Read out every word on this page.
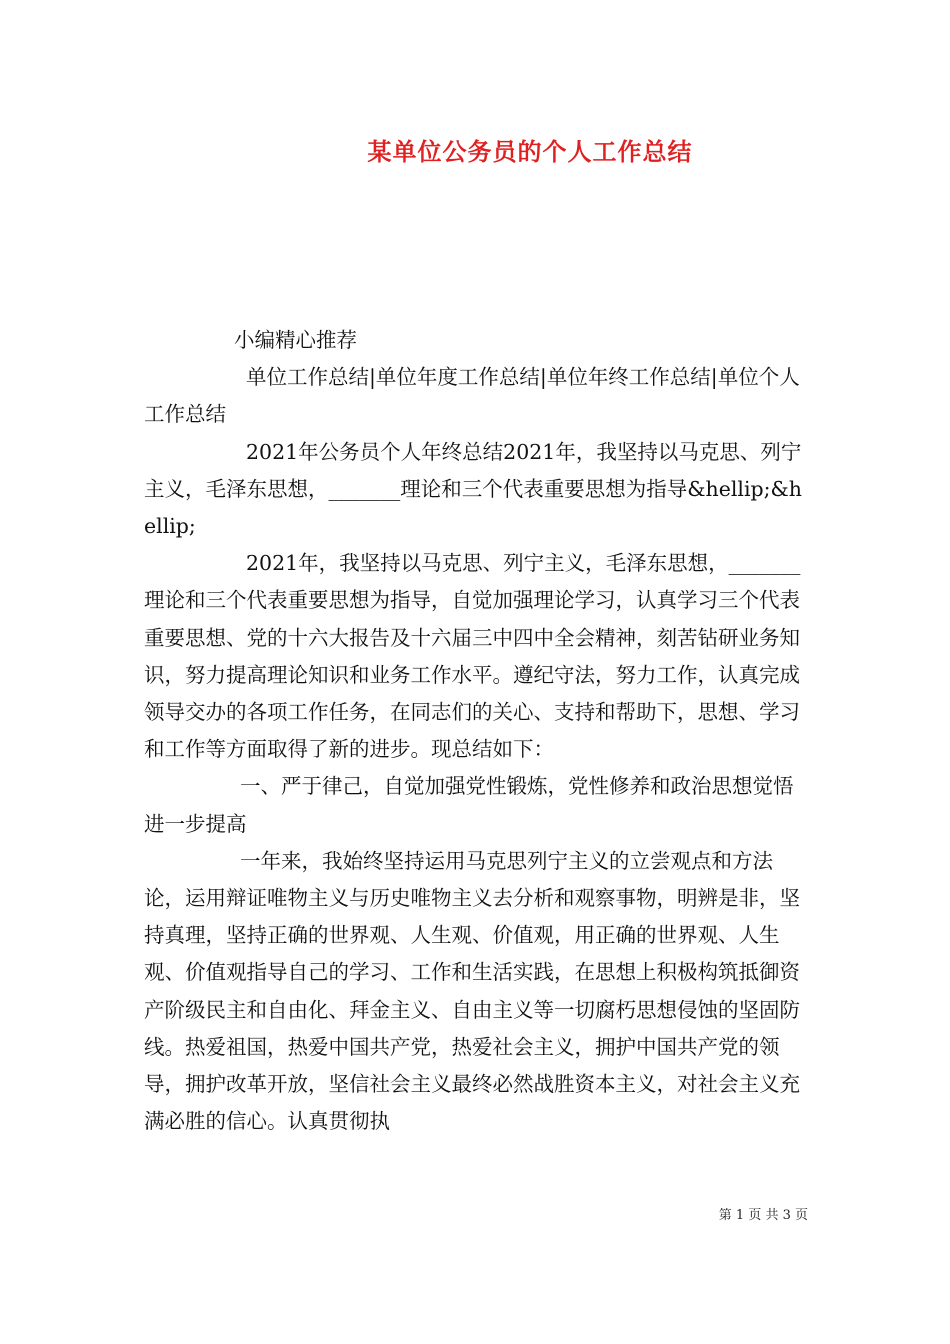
某单位公务员的个人工作总结

小编精心推荐

单位工作总结|单位年度工作总结|单位年终工作总结|单位个人工作总结

2021年公务员个人年终总结2021年，我坚持以马克思、列宁主义，毛泽东思想，_______理论和三个代表重要思想为指导&hellip;&hellip;

2021年，我坚持以马克思、列宁主义，毛泽东思想，_______理论和三个代表重要思想为指导，自觉加强理论学习，认真学习三个代表重要思想、党的十六大报告及十六届三中四中全会精神，刻苦钻研业务知识，努力提高理论知识和业务工作水平。遵纪守法，努力工作，认真完成领导交办的各项工作任务，在同志们的关心、支持和帮助下，思想、学习和工作等方面取得了新的进步。现总结如下：

一、严于律己，自觉加强党性锻炼，党性修养和政治思想觉悟进一步提高

一年来，我始终坚持运用马克思列宁主义的立尝观点和方法论，运用辩证唯物主义与历史唯物主义去分析和观察事物，明辨是非，坚持真理，坚持正确的世界观、人生观、价值观，用正确的世界观、人生观、价值观指导自己的学习、工作和生活实践，在思想上积极构筑抵御资产阶级民主和自由化、拜金主义、自由主义等一切腐朽思想侵蚀的坚固防线。热爱祖国，热爱中国共产党，热爱社会主义，拥护中国共产党的领导，拥护改革开放，坚信社会主义最终必然战胜资本主义，对社会主义充满必胜的信心。认真贯彻执

第 1 页 共 3 页
